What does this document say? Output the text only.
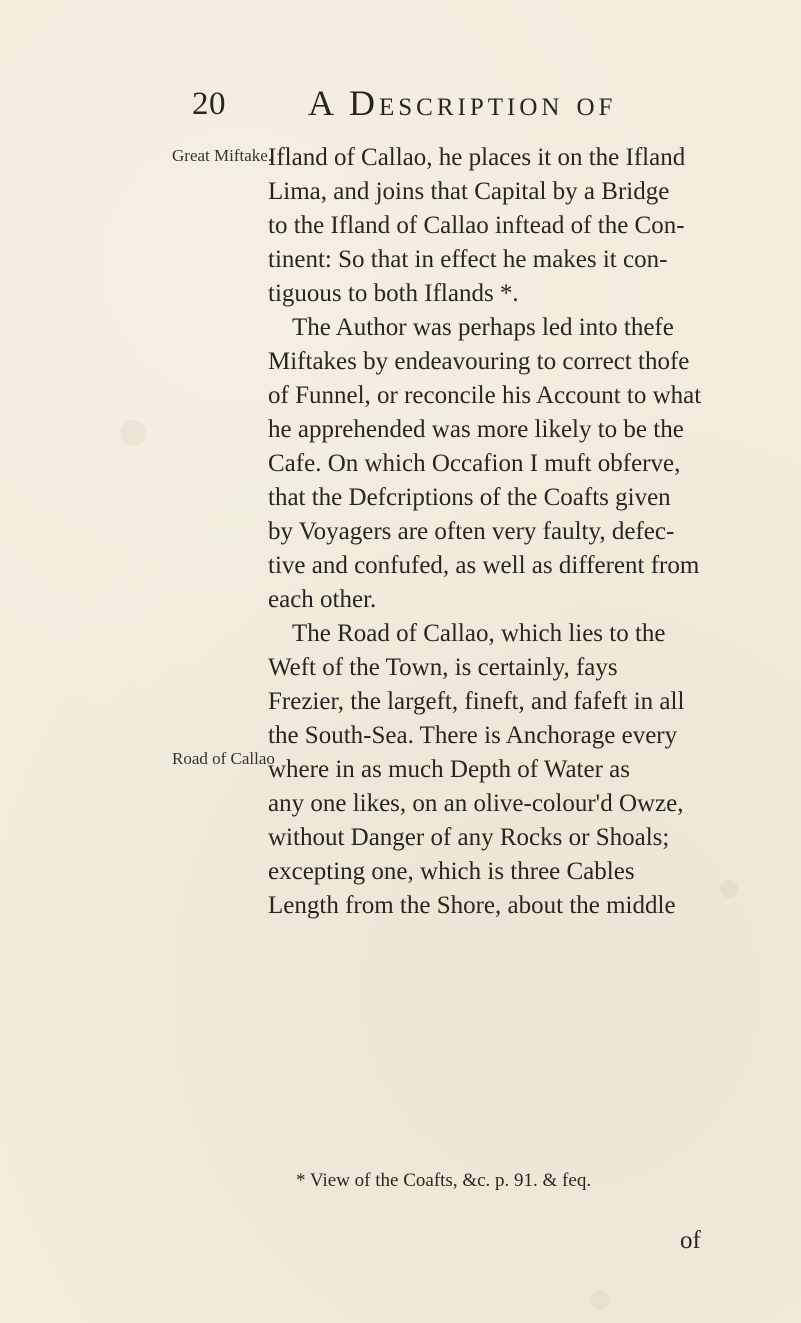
20 A Description of
Great Miftake.
Road of Callao
Ifland of Callao, he places it on the Ifland
Lima, and joins that Capital by a Bridge
to the Ifland of Callao inftead of the Con-
tinent: So that in effect he makes it con-
tiguous to both Iflands *.
The Author was perhaps led into thefe
Miftakes by endeavouring to correct thofe
of Funnel, or reconcile his Account to what
he apprehended was more likely to be the
Cafe. On which Occafion I muft obferve,
that the Defcriptions of the Coafts given
by Voyagers are often very faulty, defec-
tive and confufed, as well as different from
each other.
The Road of Callao, which lies to the
Weft of the Town, is certainly, fays
Frezier, the largeft, fineft, and fafeft in all
the South-Sea. There is Anchorage every
where in as much Depth of Water as
any one likes, on an olive-colour'd Owze,
without Danger of any Rocks or Shoals;
excepting one, which is three Cables
Length from the Shore, about the middle
* View of the Coafts, &c. p. 91. & feq.
of
